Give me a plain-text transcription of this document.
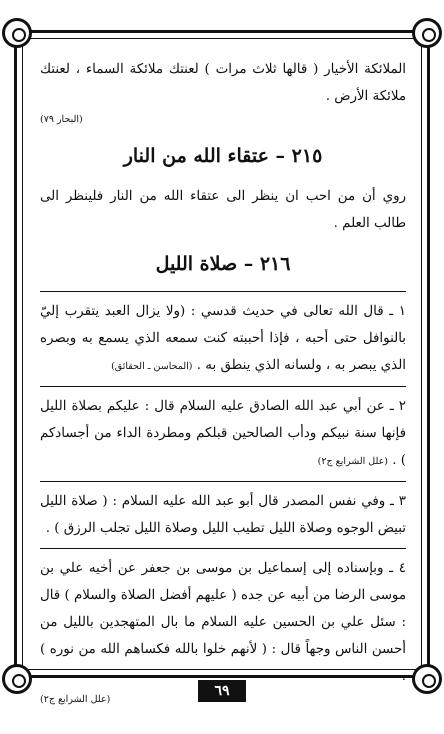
الملائكة الأخيار ( قالها ثلاث مرات ) لعنتك ملائكة السماء ، لعنتك ملائكة الأرض .

(البحار ٧٩)
٢١٥ – عتقاء الله من النار

روي أن من احب ان ينظر الى عتقاء الله من النار فلينظر الى طالب العلم .

٢١٦ – صلاة الليل

١ ـ قال الله تعالى في حديث قدسي : (ولا يزال العبد يتقرب إليّ بالنوافل حتى أحبه ، فإذا أحببته كنت سمعه الذي يسمع به وبصره الذي يبصر به ، ولسانه الذي ينطق به . (المحاسن ـ الحقائق)

٢ ـ عن أبي عبد الله الصادق عليه السلام قال : عليكم بصلاة الليل فإنها سنة نبيكم ودأب الصالحين قبلكم ومطردة الداء من أجسادكم ) . (علل الشرايع ج٢)

٣ ـ وفي نفس المصدر قال أبو عبد الله عليه السلام : ( صلاة الليل تبيض الوجوه وصلاة الليل تطيب الليل وصلاة الليل تجلب الرزق ) .

٤ ـ وبإسناده إلى إسماعيل بن موسى بن جعفر عن أخيه علي بن موسى الرضا من أبيه عن جده ( عليهم أفضل الصلاة والسلام ) قال : سئل علي بن الحسين عليه السلام ما بال المتهجدين بالليل من أحسن الناس وجهاً قال : ( لأنهم خلوا بالله فكساهم الله من نوره ) .

(علل الشرايع ج٢)
٦٩
